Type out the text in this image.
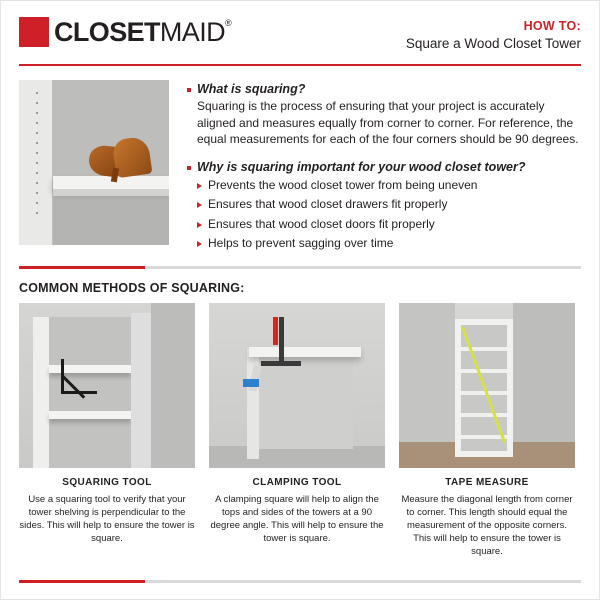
CLOSETMAID®	HOW TO:
Square a Wood Closet Tower
What is squaring?
Squaring is the process of ensuring that your project is accurately aligned and measures equally from corner to corner. For reference, the equal measurements for each of the four corners should be 90 degrees.
Why is squaring important for your wood closet tower?
Prevents the wood closet tower from being uneven
Ensures that wood closet drawers fit properly
Ensures that wood closet doors fit properly
Helps to prevent sagging over time
COMMON METHODS OF SQUARING:
SQUARING TOOL
Use a squaring tool to verify that your tower shelving is perpendicular to the sides. This will help to ensure the tower is square.
CLAMPING TOOL
A clamping square will help to align the tops and sides of the towers at a 90 degree angle. This will help to ensure the tower is square.
TAPE MEASURE
Measure the diagonal length from corner to corner. This length should equal the measurement of the opposite corners. This will help to ensure the tower is square.
